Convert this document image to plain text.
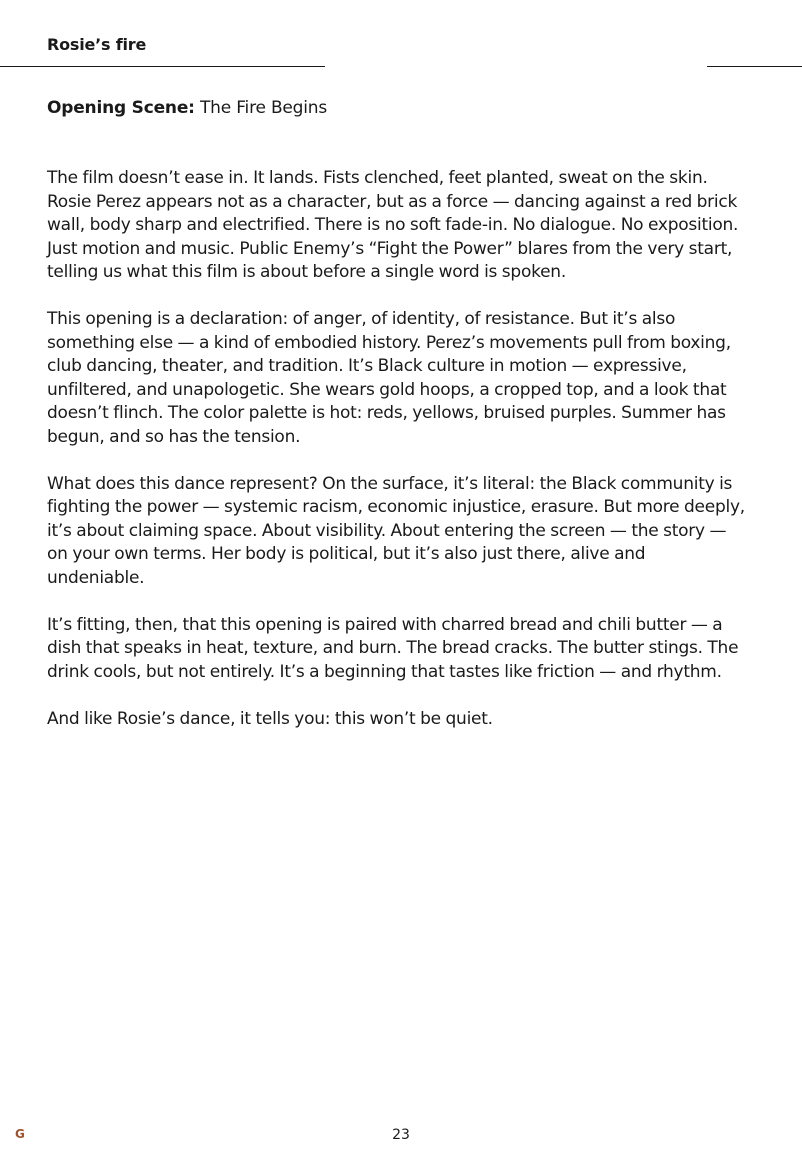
Rosie’s fire
Opening Scene: The Fire Begins

The film doesn’t ease in. It lands. Fists clenched, feet planted, sweat on the skin. Rosie Perez appears not as a character, but as a force — dancing against a red brick wall, body sharp and electrified. There is no soft fade-in. No dialogue. No exposition. Just motion and music. Public Enemy’s “Fight the Power” blares from the very start, telling us what this film is about before a single word is spoken.

This opening is a declaration: of anger, of identity, of resistance. But it’s also something else — a kind of embodied history. Perez’s movements pull from boxing, club dancing, theater, and tradition. It’s Black culture in motion — expressive, unfiltered, and unapologetic. She wears gold hoops, a cropped top, and a look that doesn’t flinch. The color palette is hot: reds, yellows, bruised purples. Summer has begun, and so has the tension.

What does this dance represent? On the surface, it’s literal: the Black community is fighting the power — systemic racism, economic injustice, erasure. But more deeply, it’s about claiming space. About visibility. About entering the screen — the story — on your own terms. Her body is political, but it’s also just there, alive and undeniable.

It’s fitting, then, that this opening is paired with charred bread and chili butter — a dish that speaks in heat, texture, and burn. The bread cracks. The butter stings. The drink cools, but not entirely. It’s a beginning that tastes like friction — and rhythm.

And like Rosie’s dance, it tells you: this won’t be quiet.

G	23
